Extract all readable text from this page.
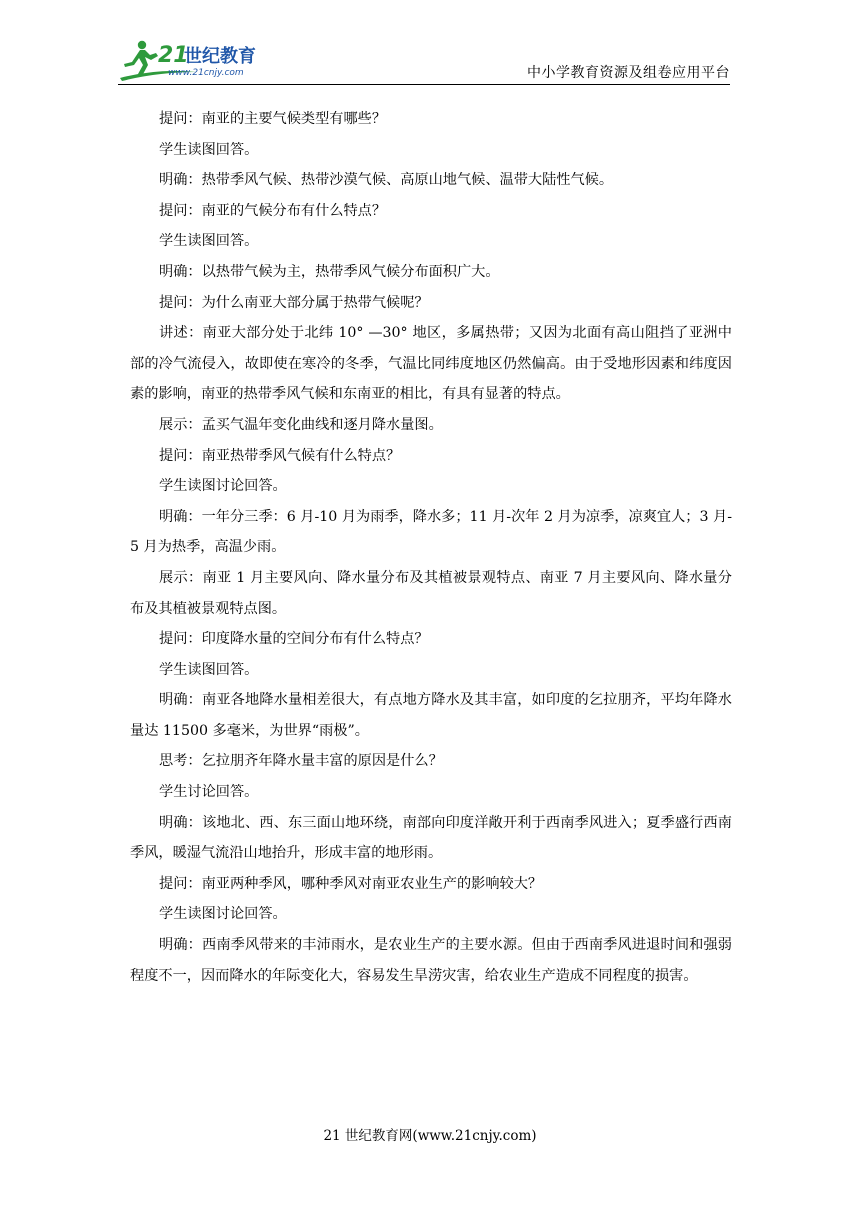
21
世纪教育
www.21cnjy.com	中小学教育资源及组卷应用平台

提问：南亚的主要气候类型有哪些？

学生读图回答。

明确：热带季风气候、热带沙漠气候、高原山地气候、温带大陆性气候。

提问：南亚的气候分布有什么特点？

学生读图回答。

明确：以热带气候为主，热带季风气候分布面积广大。

提问：为什么南亚大部分属于热带气候呢？

讲述：南亚大部分处于北纬 10° —30° 地区，多属热带；又因为北面有高山阻挡了亚洲中部的冷气流侵入，故即使在寒冷的冬季，气温比同纬度地区仍然偏高。由于受地形因素和纬度因素的影响，南亚的热带季风气候和东南亚的相比，有具有显著的特点。

展示：孟买气温年变化曲线和逐月降水量图。

提问：南亚热带季风气候有什么特点？

学生读图讨论回答。

明确：一年分三季：6 月-10 月为雨季，降水多；11 月-次年 2 月为凉季，凉爽宜人；3 月-5 月为热季，高温少雨。

展示：南亚 1 月主要风向、降水量分布及其植被景观特点、南亚 7 月主要风向、降水量分布及其植被景观特点图。

提问：印度降水量的空间分布有什么特点？

学生读图回答。

明确：南亚各地降水量相差很大，有点地方降水及其丰富，如印度的乞拉朋齐，平均年降水量达 11500 多毫米，为世界“雨极”。

思考：乞拉朋齐年降水量丰富的原因是什么？

学生讨论回答。

明确：该地北、西、东三面山地环绕，南部向印度洋敞开利于西南季风进入；夏季盛行西南季风，暖湿气流沿山地抬升，形成丰富的地形雨。

提问：南亚两种季风，哪种季风对南亚农业生产的影响较大？

学生读图讨论回答。

明确：西南季风带来的丰沛雨水，是农业生产的主要水源。但由于西南季风进退时间和强弱程度不一，因而降水的年际变化大，容易发生旱涝灾害，给农业生产造成不同程度的损害。

21 世纪教育网(www.21cnjy.com)
